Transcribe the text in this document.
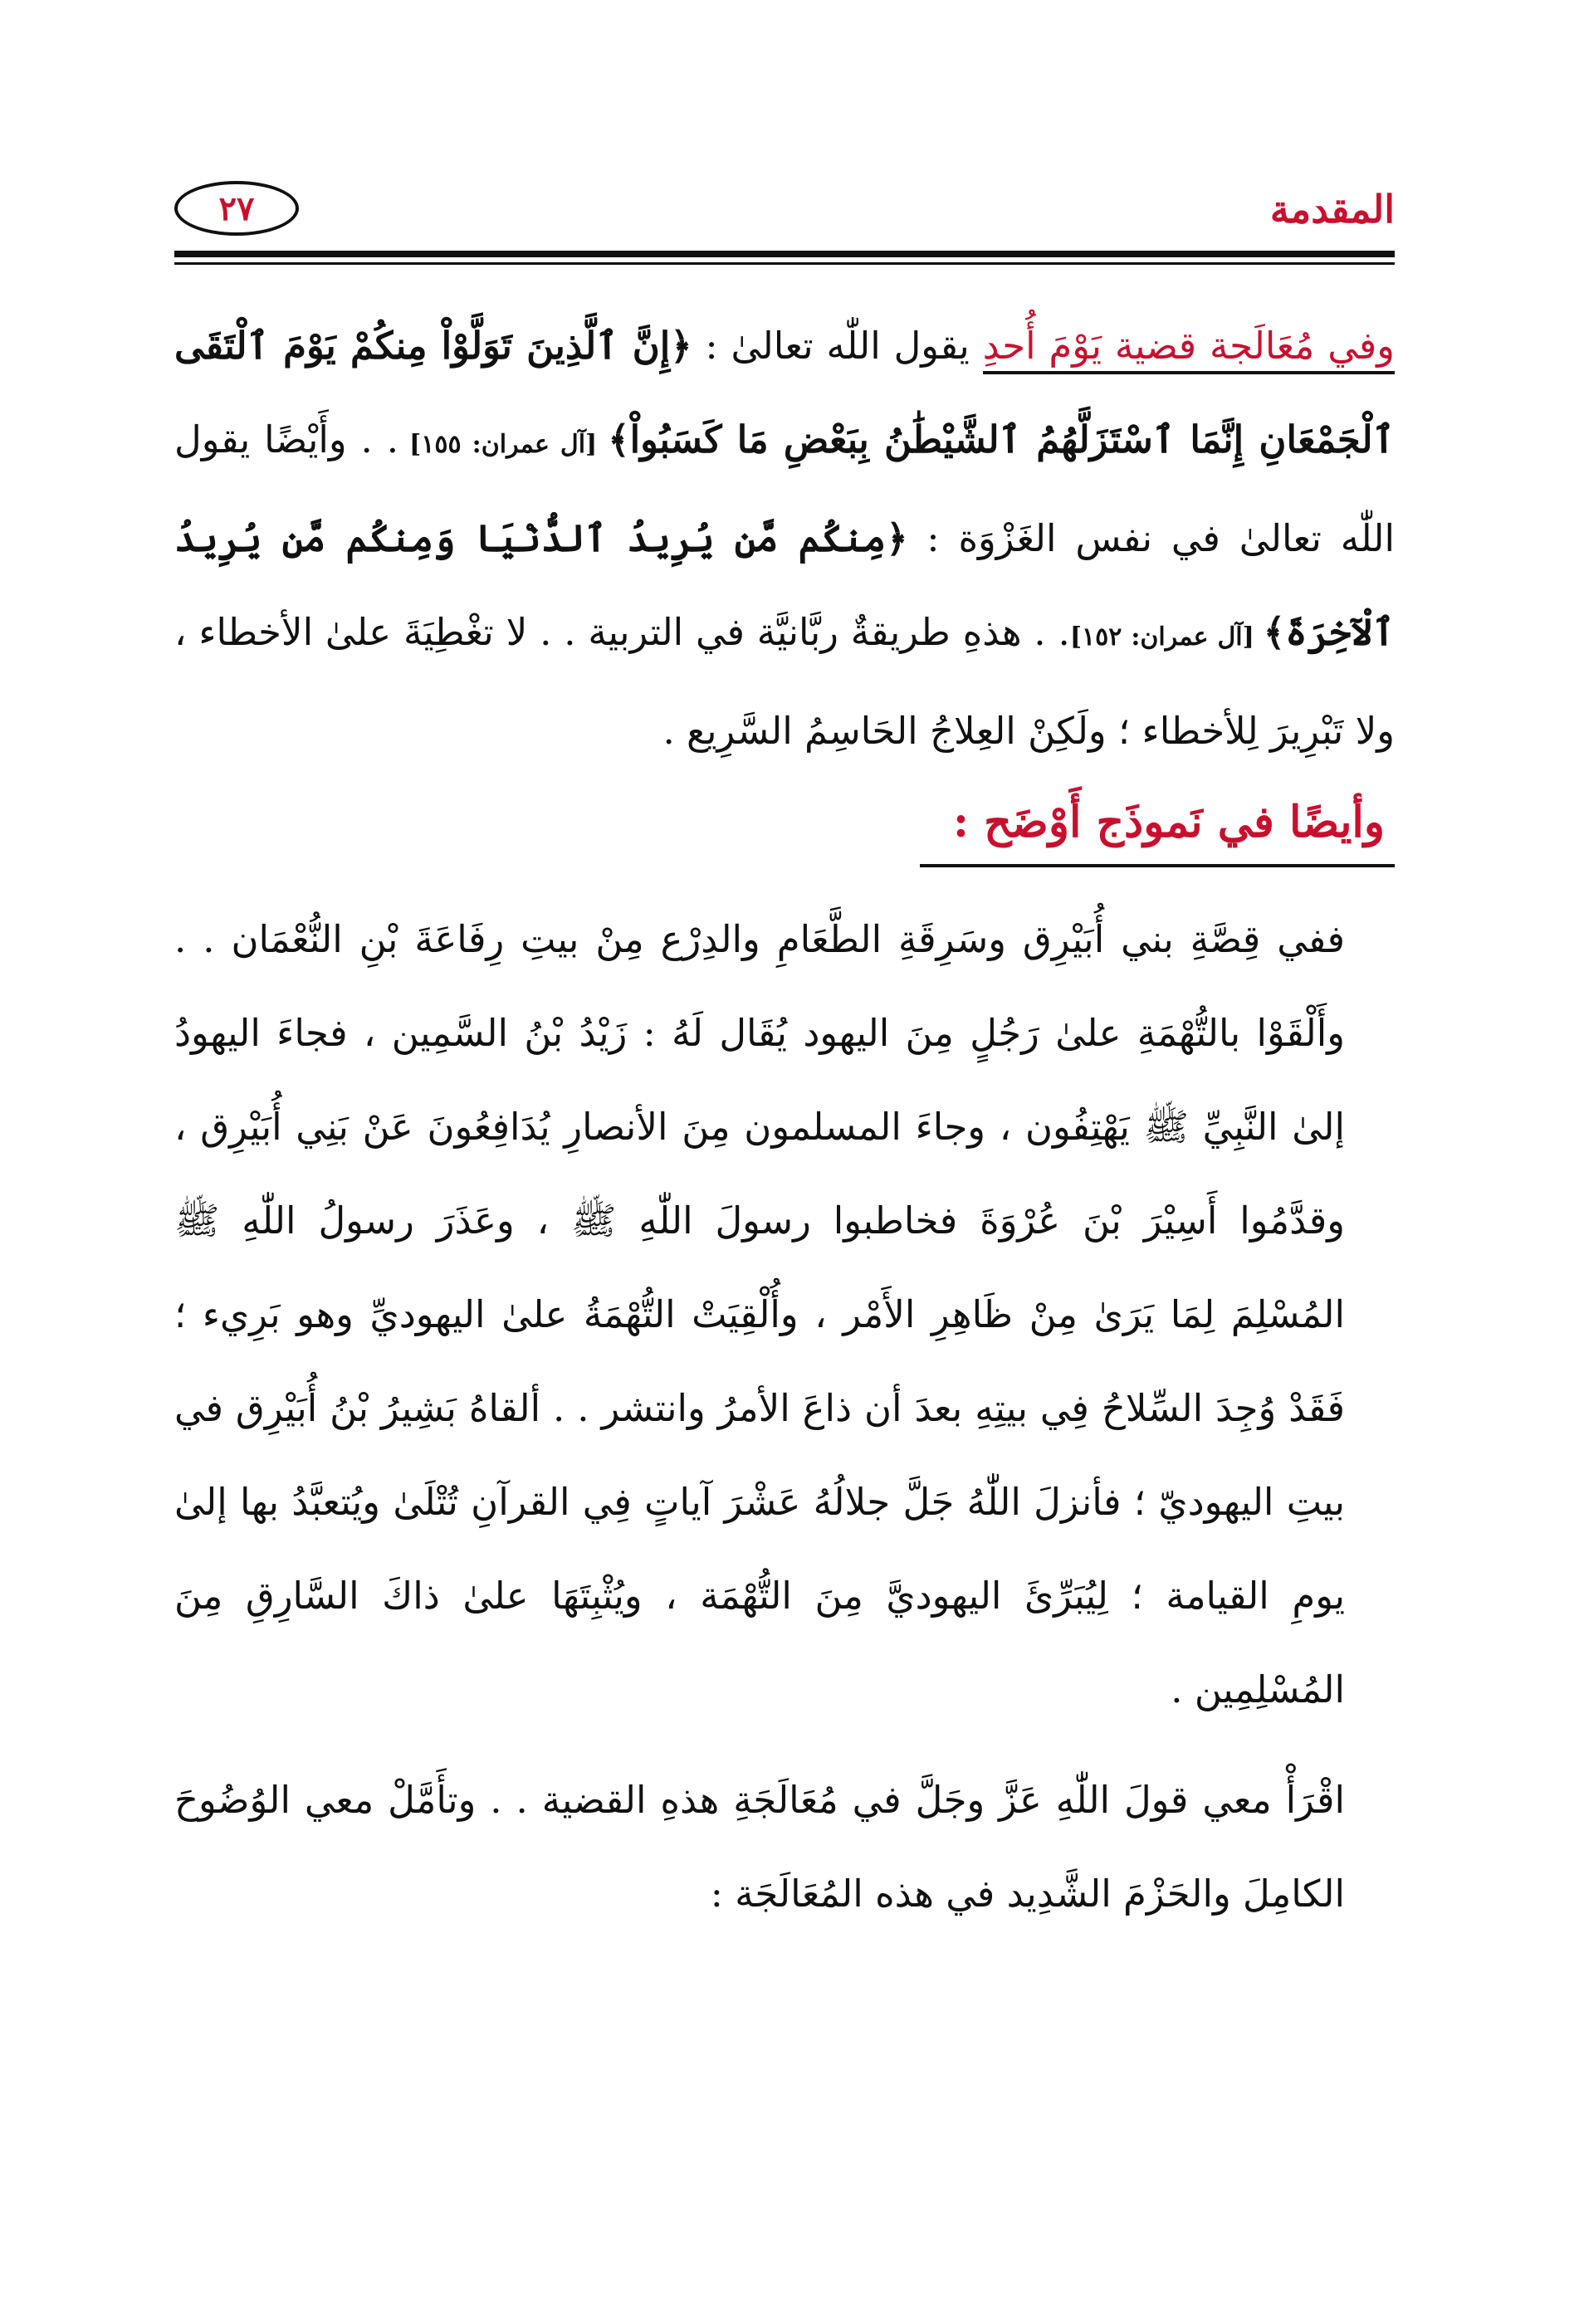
المقدمة
٢٧

وفي مُعَالَجة قضية يَوْمَ أُحدِ يقول اللّٰه تعالىٰ : ﴿إِنَّ ٱلَّذِينَ تَوَلَّوْاْ مِنكُمْ يَوْمَ ٱلْتَقَى ٱلْجَمْعَانِ إِنَّمَا ٱسْتَزَلَّهُمُ ٱلشَّيْطَٰنُ بِبَعْضِ مَا كَسَبُواْ﴾ [آل عمران: ١٥٥] . . وأَيْضًا يقول اللّٰه تعالىٰ في نفس الغَزْوَة : ﴿مِنكُم مَّن يُرِيدُ ٱلدُّنْيَا وَمِنكُم مَّن يُرِيدُ ٱلْآخِرَةَ﴾ [آل عمران: ١٥٢]. . هذهِ طريقةٌ ربَّانيَّة في التربية . . لا تغْطِيَةَ علىٰ الأخطاء ، ولا تَبْرِيرَ لِلأخطاء ؛ ولَكِنْ العِلاجُ الحَاسِمُ السَّرِيع .

وأيضًا في نَموذَج أَوْضَح :

ففي قِصَّةِ بني أُبَيْرِق وسَرِقَةِ الطَّعَامِ والدِرْع مِنْ بيتِ رِفَاعَةَ بْنِ النُّعْمَان . . وأَلْقَوْا بالتُّهْمَةِ علىٰ رَجُلٍ مِنَ اليهود يُقَال لَهُ : زَيْدُ بْنُ السَّمِين ، فجاءَ اليهودُ إلىٰ النَّبِيِّ ﷺ يَهْتِفُون ، وجاءَ المسلمون مِنَ الأنصارِ يُدَافِعُونَ عَنْ بَنِي أُبَيْرِق ، وقدَّمُوا أَسِيْرَ بْنَ عُرْوَةَ فخاطبوا رسولَ اللّٰهِ ﷺ ، وعَذَرَ رسولُ اللّٰهِ ﷺ المُسْلِمَ لِمَا يَرَىٰ مِنْ ظَاهِرِ الأَمْر ، وأُلْقِيَتْ التُّهْمَةُ علىٰ اليهوديِّ وهو بَرِيء ؛ فَقَدْ وُجِدَ السِّلاحُ فِي بيتِهِ بعدَ أن ذاعَ الأمرُ وانتشر . . ألقاهُ بَشِيرُ بْنُ أُبَيْرِق في بيتِ اليهوديّ ؛ فأنزلَ اللّٰهُ جَلَّ جلالُهُ عَشْرَ آياتٍ فِي القرآنِ تُتْلَىٰ ويُتعبَّدُ بها إلىٰ يومِ القيامة ؛ لِيُبَرِّئَ اليهوديَّ مِنَ التُّهْمَة ، ويُثْبِتَهَا علىٰ ذاكَ السَّارِقِ مِنَ المُسْلِمِين .

اقْرَأْ معي قولَ اللّٰهِ عَزَّ وجَلَّ في مُعَالَجَةِ هذهِ القضية . . وتأَمَّلْ معي الوُضُوحَ الكامِلَ والحَزْمَ الشَّدِيد في هذه المُعَالَجَة :
